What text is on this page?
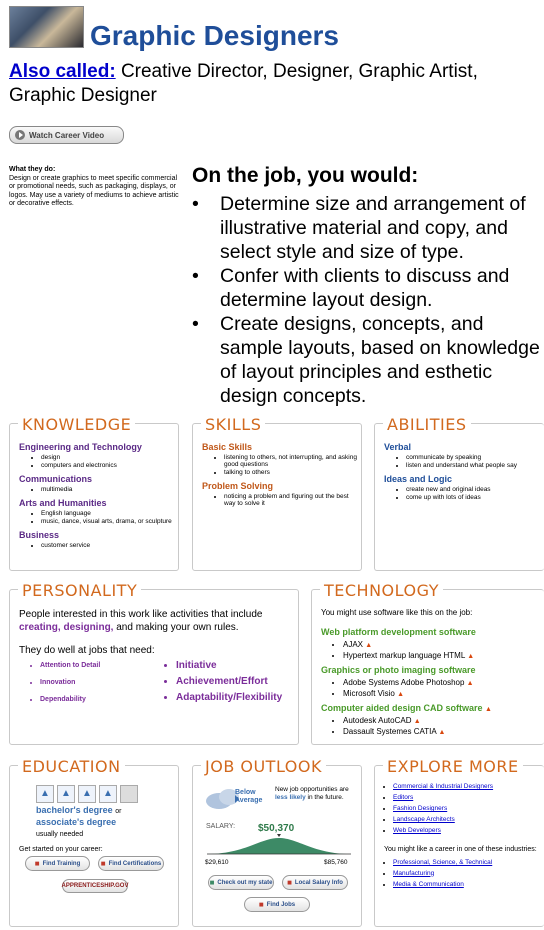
Graphic Designers
Also called: Creative Director, Designer, Graphic Artist, Graphic Designer
Watch Career Video
What they do:
Design or create graphics to meet specific commercial or promotional needs, such as packaging, displays, or logos. May use a variety of mediums to achieve artistic or decorative effects.
On the job, you would:
• Determine size and arrangement of illustrative material and copy, and select style and size of type.
• Confer with clients to discuss and determine layout design.
• Create designs, concepts, and sample layouts, based on knowledge of layout principles and esthetic design concepts.
KNOWLEDGE

Engineering and Technology

• design
• computers and electronics

Communications

• multimedia

Arts and Humanities

• English language
• music, dance, visual arts, drama, or sculpture

Business

• customer service
SKILLS

Basic Skills

• listening to others, not interrupting, and asking good questions
• talking to others

Problem Solving

• noticing a problem and figuring out the best way to solve it
ABILITIES

Verbal

• communicate by speaking
• listen and understand what people say

Ideas and Logic

• create new and original ideas
• come up with lots of ideas
PERSONALITY
People interested in this work like activities that include creating, designing, and making your own rules.
They do well at jobs that need:
• Attention to Detail
• Innovation
• Dependability
• Initiative
• Achievement/Effort
• Adaptability/Flexibility
TECHNOLOGY
You might use software like this on the job:

Web platform development software

• AJAX ▲
• Hypertext markup language HTML ▲

Graphics or photo imaging software

• Adobe Systems Adobe Photoshop ▲
• Microsoft Visio ▲

Computer aided design CAD software ▲

• Autodesk AutoCAD ▲
• Dassault Systemes CATIA ▲
EDUCATION
▲ ▲ ▲ ▲ ▲
bachelor's degree or
associate's degree
usually needed
Get started on your career:
■ Find Training	■ Find Certifications
APPRENTICESHIP.GOV
JOB OUTLOOK
Below
Average
New job opportunities are less likely in the future.
SALARY: $50,370
$29,610	$85,760
■ Check out my state ■ Local Salary Info
■ Find Jobs
EXPLORE MORE
• Commercial & Industrial Designers
• Editors
• Fashion Designers
• Landscape Architects
• Web Developers
You might like a career in one of these industries:
• Professional, Science, & Technical
• Manufacturing
• Media & Communication
